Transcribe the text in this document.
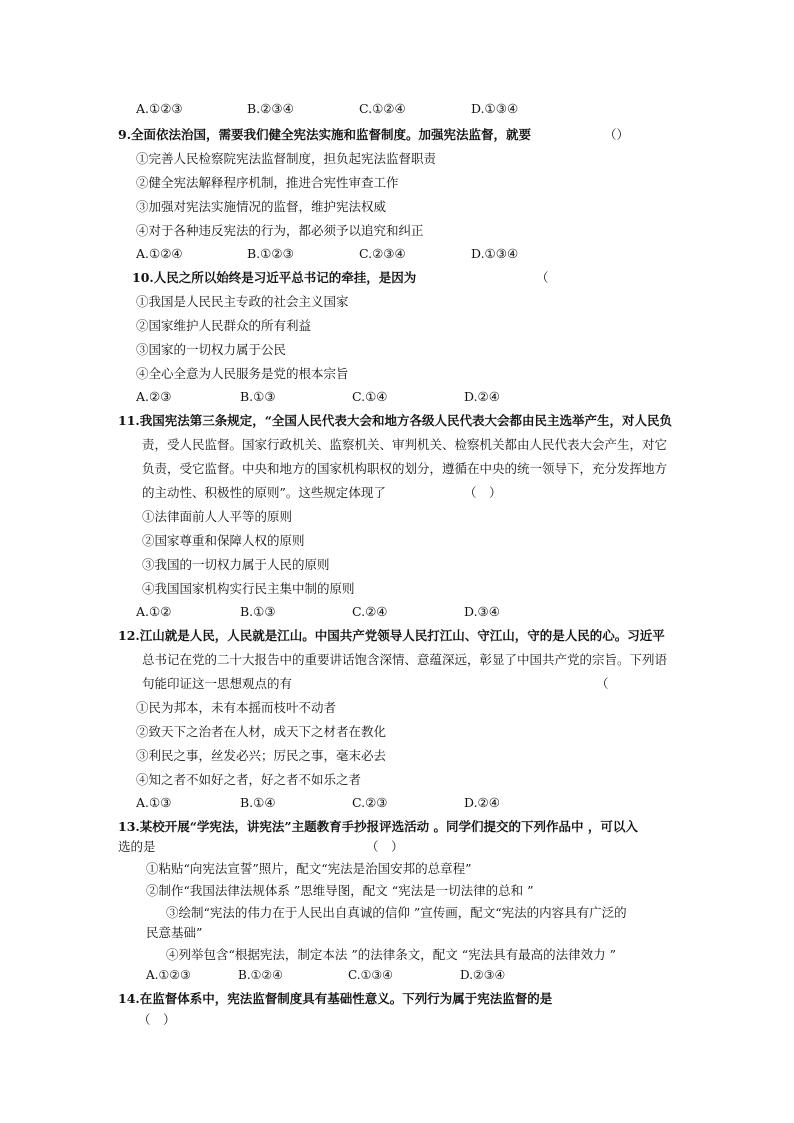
A.①②③	B.②③④	C.①②④	D.①③④
9.全面依法治国，需要我们健全宪法实施和监督制度。加强宪法监督，就要	（）
①完善人民检察院宪法监督制度，担负起宪法监督职责
②健全宪法解释程序机制，推进合宪性审查工作
③加强对宪法实施情况的监督，维护宪法权威
④对于各种违反宪法的行为，都必须予以追究和纠正
A.①②④	B.①②③	C.②③④	D.①③④
10.人民之所以始终是习近平总书记的牵挂，是因为	（
①我国是人民民主专政的社会主义国家
②国家维护人民群众的所有利益
③国家的一切权力属于公民
④全心全意为人民服务是党的根本宗旨
A.②③	B.①③	C.①④	D.②④
11.我国宪法第三条规定，“全国人民代表大会和地方各级人民代表大会都由民主选举产生，对人民负
责，受人民监督。国家行政机关、监察机关、审判机关、检察机关都由人民代表大会产生，对它
负责，受它监督。中央和地方的国家机构职权的划分，遵循在中央的统一领导下，充分发挥地方
的主动性、积极性的原则”。这些规定体现了	（　）
①法律面前人人平等的原则
②国家尊重和保障人权的原则
③我国的一切权力属于人民的原则
④我国国家机构实行民主集中制的原则
A.①②	B.①③	C.②④	D.③④
12.江山就是人民，人民就是江山。中国共产党领导人民打江山、守江山，守的是人民的心。习近平
总书记在党的二十大报告中的重要讲话饱含深情、意蕴深远，彰显了中国共产党的宗旨。下列语
句能印证这一思想观点的有	（
①民为邦本，未有本摇而枝叶不动者
②致天下之治者在人材，成天下之材者在教化
③利民之事，丝发必兴；厉民之事，毫末必去
④知之者不如好之者，好之者不如乐之者
A.①③	B.①④	C.②③	D.②④
13.某校开展“学宪法，讲宪法”主题教育手抄报评选活动 。同学们提交的下列作品中 ，可以入
选的是	（　）
①粘贴“向宪法宣誓”照片，配文“宪法是治国安邦的总章程”
②制作“我国法律法规体系 ”思维导图，配文 “宪法是一切法律的总和 ”
③绘制“宪法的伟力在于人民出自真诚的信仰 ”宣传画，配文“宪法的内容具有广泛的
民意基础”
④列举包含“根据宪法，制定本法 ”的法律条文，配文 “宪法具有最高的法律效力 ”
A.①②③	B.①②④	C.①③④	D.②③④
14.在监督体系中，宪法监督制度具有基础性意义。下列行为属于宪法监督的是
（　）
